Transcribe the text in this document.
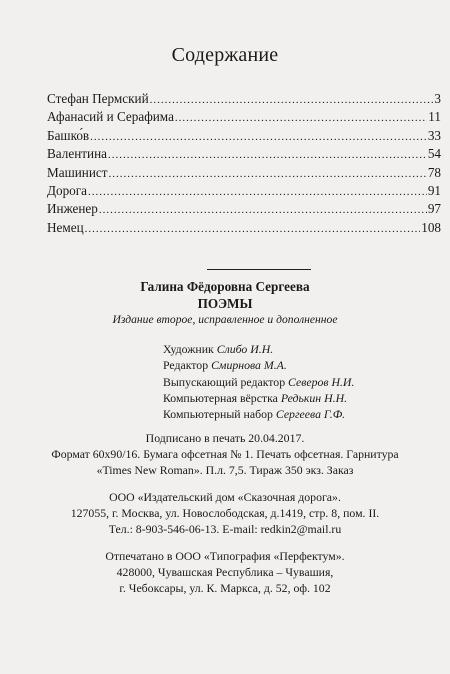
Содержание
Стефан Пермский .....	3
Афанасий и Серафима .....	11
Башко́в .....	33
Валентина .....	54
Машинист .....	78
Дорога .....	91
Инженер .....	97
Немец .....	108
Галина Фёдоровна Сергеева
ПОЭМЫ
Издание второе, исправленное и дополненное
Художник Слибо И.Н.
Редактор Смирнова М.А.
Выпускающий редактор Северов Н.И.
Компьютерная вёрстка Редькин Н.Н.
Компьютерный набор Сергеева Г.Ф.
Подписано в печать 20.04.2017.
Формат 60х90/16. Бумага офсетная № 1. Печать офсетная. Гарнитура
«Times New Roman». П.л. 7,5. Тираж 350 экз. Заказ
ООО «Издательский дом «Сказочная дорога».
127055, г. Москва, ул. Новослободская, д.1419, стр. 8, пом. II.
Тел.: 8-903-546-06-13. E-mail: redkin2@mail.ru
Отпечатано в ООО «Типография «Перфектум».
428000, Чувашская Республика – Чувашия,
г. Чебоксары, ул. К. Маркса, д. 52, оф. 102
